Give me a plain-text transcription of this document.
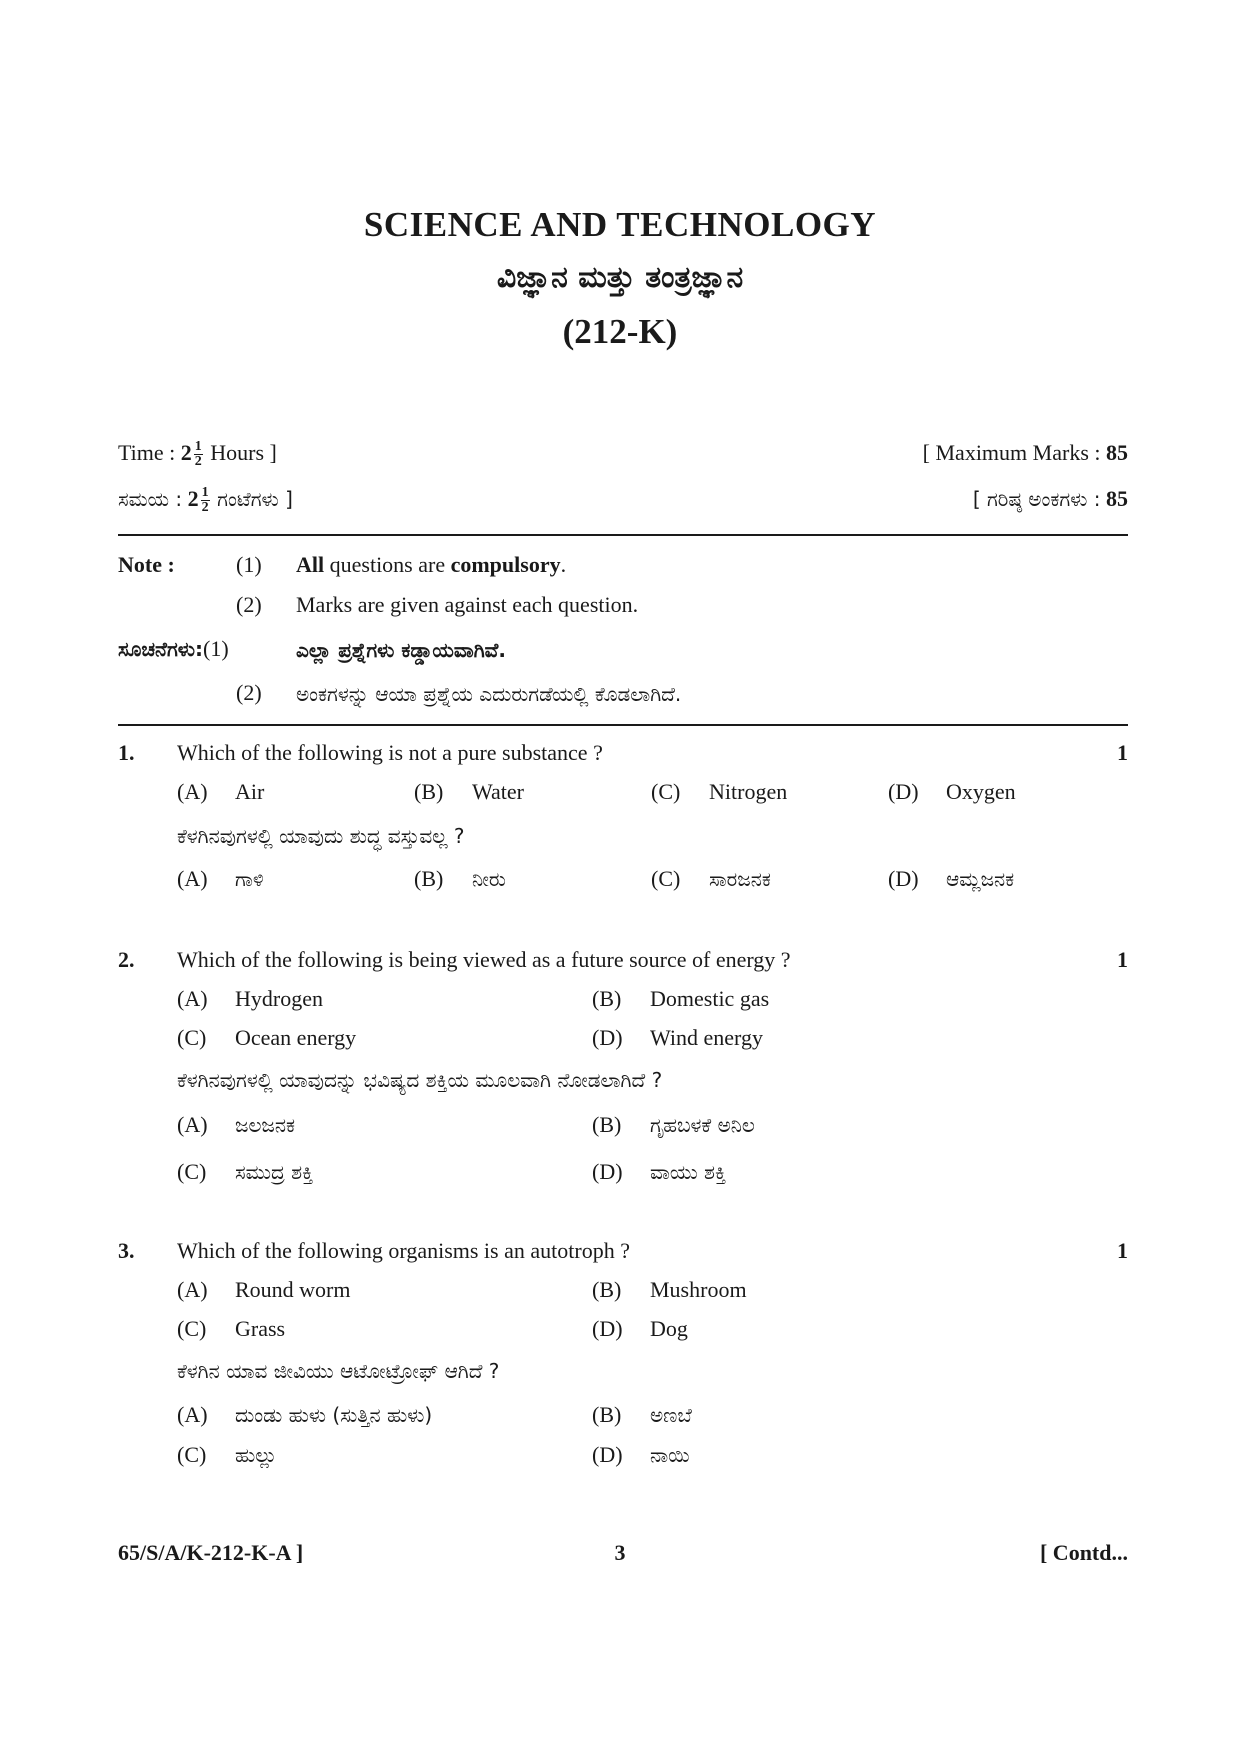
SCIENCE AND TECHNOLOGY
ವಿಜ್ಞಾನ ಮತ್ತು ತಂತ್ರಜ್ಞಾನ
(212-K)
Time : $2 \frac{1}{2}$ Hours ]	[ Maximum Marks : 85
ಸಮಯ : $2 \frac{1}{2}$ ಗಂಟೆಗಳು ]	[ ಗರಿಷ್ಠ ಅಂಕಗಳು : 85
Note :	(1) All questions are compulsory.
(2) Marks are given against each question.
ಸೂಚನೆಗಳು:(1)	ಎಲ್ಲಾ ಪ್ರಶ್ನೆಗಳು ಕಡ್ಡಾಯವಾಗಿವೆ.
(2) ಅಂಕಗಳನ್ನು ಆಯಾ ಪ್ರಶ್ನೆಯ ಎದುರುಗಡೆಯಲ್ಲಿ ಕೊಡಲಾಗಿದೆ.
1. Which of the following is not a pure substance ?	1
(A) Air	(B) Water	(C) Nitrogen	(D) Oxygen
ಕೆಳಗಿನವುಗಳಲ್ಲಿ ಯಾವುದು ಶುದ್ಧ ವಸ್ತುವಲ್ಲ ?
(A) ಗಾಳಿ	(B) ನೀರು	(C) ಸಾರಜನಕ	(D) ಆಮ್ಲಜನಕ
2. Which of the following is being viewed as a future source of energy ?	1
(A) Hydrogen	(B) Domestic gas
(C) Ocean energy	(D) Wind energy
ಕೆಳಗಿನವುಗಳಲ್ಲಿ ಯಾವುದನ್ನು ಭವಿಷ್ಯದ ಶಕ್ತಿಯ ಮೂಲವಾಗಿ ನೋಡಲಾಗಿದೆ ?
(A) ಜಲಜನಕ	(B) ಗೃಹಬಳಕೆ ಅನಿಲ
(C) ಸಮುದ್ರ ಶಕ್ತಿ	(D) ವಾಯು ಶಕ್ತಿ
3. Which of the following organisms is an autotroph ?	1
(A) Round worm	(B) Mushroom
(C) Grass	(D) Dog
ಕೆಳಗಿನ ಯಾವ ಜೀವಿಯು ಆಟೋಟ್ರೋಫ್ ಆಗಿದೆ ?
(A) ದುಂಡು ಹುಳು (ಸುತ್ತಿನ ಹುಳು)	(B) ಅಣಬೆ
(C) ಹುಲ್ಲು	(D) ನಾಯಿ
65/S/A/K-212-K-A ]	3	[ Contd...
